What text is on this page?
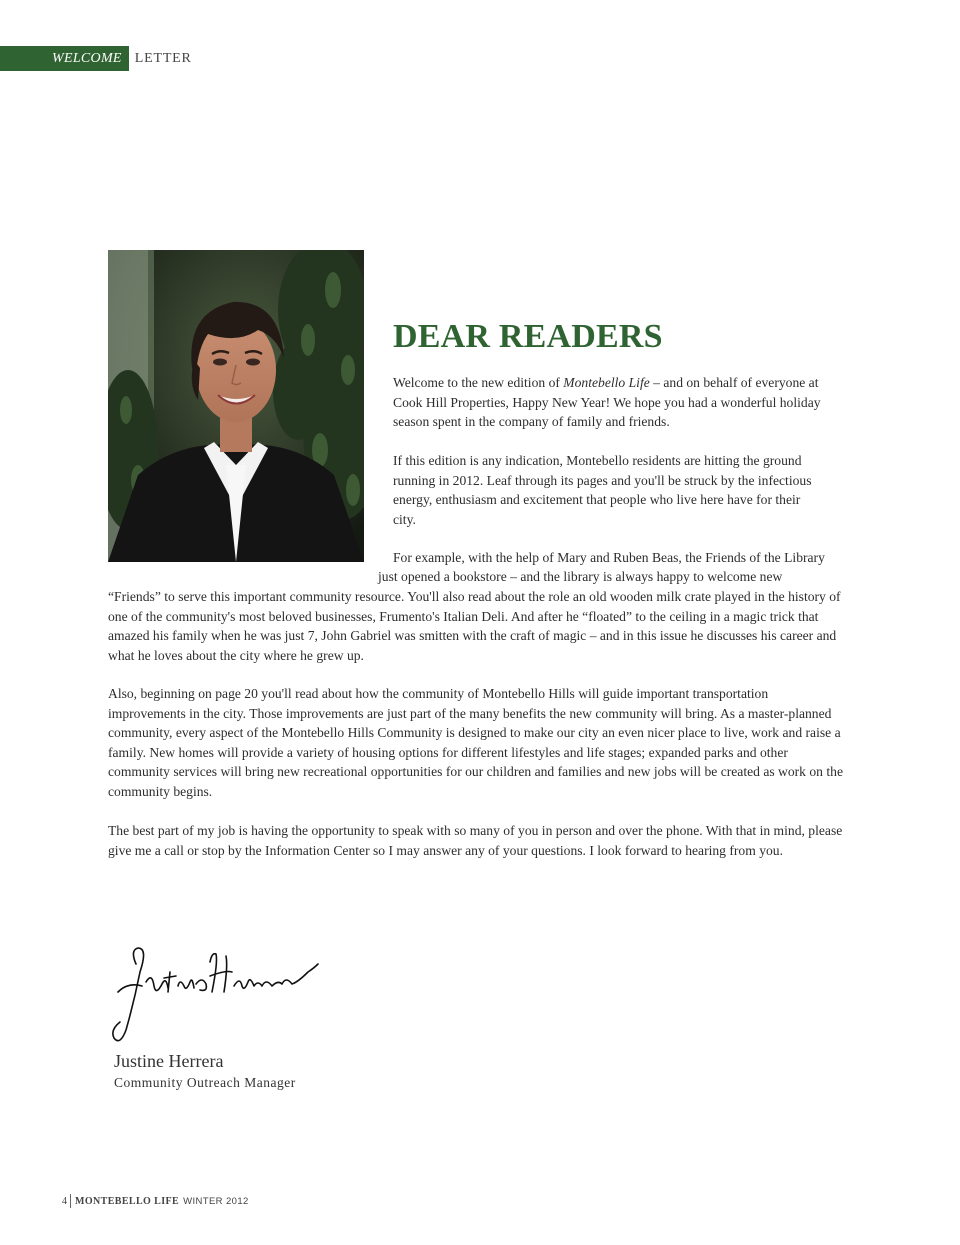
WELCOME LETTER
DEAR READERS

Welcome to the new edition of Montebello Life – and on behalf of everyone at Cook Hill Properties, Happy New Year! We hope you had a wonderful holiday season spent in the company of family and friends.

If this edition is any indication, Montebello residents are hitting the ground running in 2012. Leaf through its pages and you'll be struck by the infectious energy, enthusiasm and excitement that people who live here have for their city.

For example, with the help of Mary and Ruben Beas, the Friends of the Library

just opened a bookstore – and the library is always happy to welcome new

“Friends” to serve this important community resource. You'll also read about the role an old wooden milk crate played in the history of one of the community's most beloved businesses, Frumento's Italian Deli. And after he “floated” to the ceiling in a magic trick that amazed his family when he was just 7, John Gabriel was smitten with the craft of magic – and in this issue he discusses his career and what he loves about the city where he grew up.

Also, beginning on page 20 you'll read about how the community of Montebello Hills will guide important transportation improvements in the city. Those improvements are just part of the many benefits the new community will bring. As a master-planned community, every aspect of the Montebello Hills Community is designed to make our city an even nicer place to live, work and raise a family. New homes will provide a variety of housing options for different lifestyles and life stages; expanded parks and other community services will bring new recreational opportunities for our children and families and new jobs will be created as work on the community begins.

The best part of my job is having the opportunity to speak with so many of you in person and over the phone. With that in mind, please give me a call or stop by the Information Center so I may answer any of your questions. I look forward to hearing from you.

Justine Herrera

Community Outreach Manager

4 MONTEBELLO LIFE WINTER 2012
